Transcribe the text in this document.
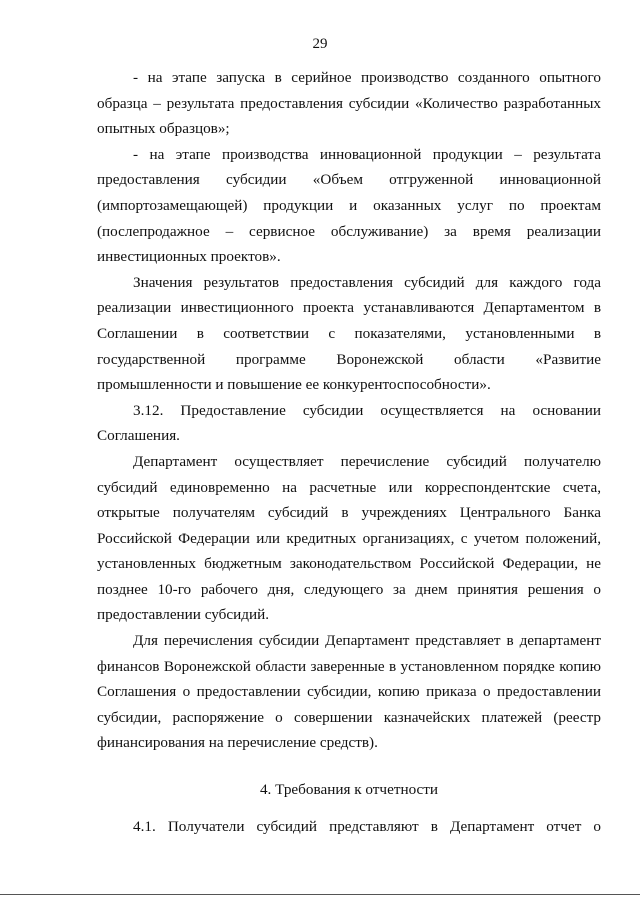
29

- на этапе запуска в серийное производство созданного опытного образца – результата предоставления субсидии «Количество разработанных опытных образцов»;

- на этапе производства инновационной продукции – результата предоставления субсидии «Объем отгруженной инновационной (импортозамещающей) продукции и оказанных услуг по проектам (послепродажное – сервисное обслуживание) за время реализации инвестиционных проектов».

Значения результатов предоставления субсидий для каждого года реализации инвестиционного проекта устанавливаются Департаментом в Соглашении в соответствии с показателями, установленными в государственной программе Воронежской области «Развитие промышленности и повышение ее конкурентоспособности».

3.12. Предоставление субсидии осуществляется на основании Соглашения.

Департамент осуществляет перечисление субсидий получателю субсидий единовременно на расчетные или корреспондентские счета, открытые получателям субсидий в учреждениях Центрального Банка Российской Федерации или кредитных организациях, с учетом положений, установленных бюджетным законодательством Российской Федерации, не позднее 10-го рабочего дня, следующего за днем принятия решения о предоставлении субсидий.

Для перечисления субсидии Департамент представляет в департамент финансов Воронежской области заверенные в установленном порядке копию Соглашения о предоставлении субсидии, копию приказа о предоставлении субсидии, распоряжение о совершении казначейских платежей (реестр финансирования на перечисление средств).

4. Требования к отчетности

4.1. Получатели субсидий представляют в Департамент отчет о
